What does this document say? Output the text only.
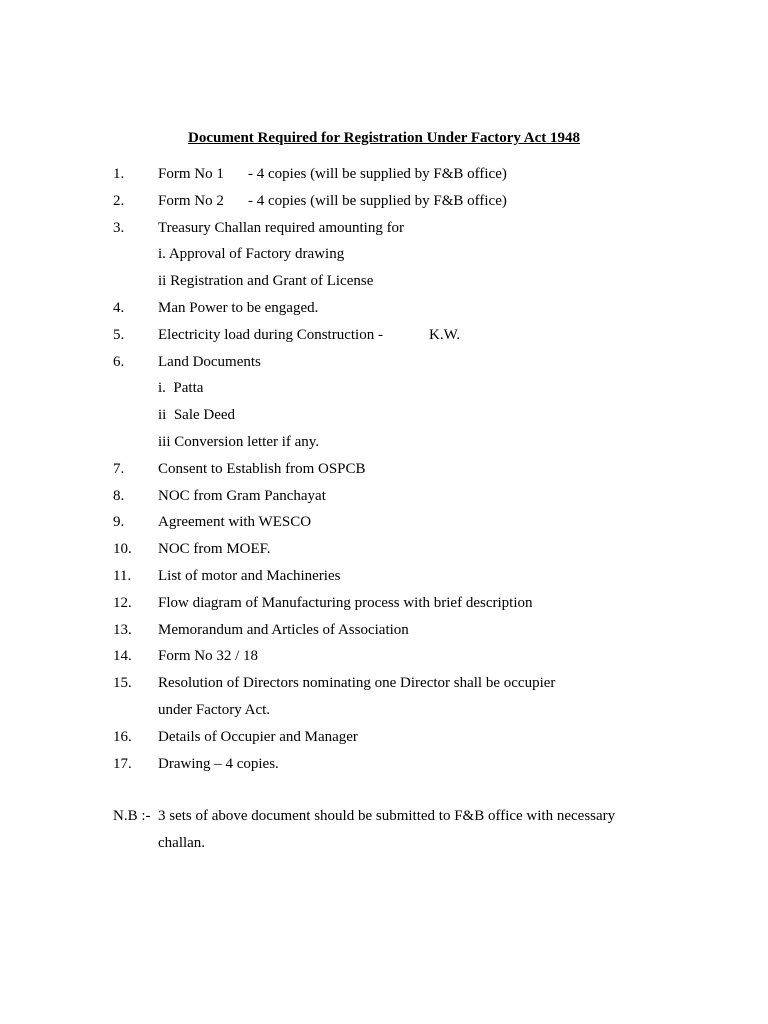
Document Required for Registration Under Factory Act 1948
1. Form No 1 - 4 copies (will be supplied by F&B office)
2. Form No 2 - 4 copies (will be supplied by F&B office)
3. Treasury Challan required amounting for
i. Approval of Factory drawing
ii Registration and Grant of License
4. Man Power to be engaged.
5. Electricity load during Construction -	K.W.
6. Land Documents
i.  Patta
ii  Sale Deed
iii Conversion letter if any.
7. Consent to Establish from OSPCB
8. NOC from Gram Panchayat
9. Agreement with WESCO
10. NOC from MOEF.
11. List of motor and Machineries
12. Flow diagram of Manufacturing process with brief description
13. Memorandum and Articles of Association
14. Form No 32 / 18
15. Resolution of Directors nominating one Director shall be occupier
under Factory Act.
16. Details of Occupier and Manager
17. Drawing – 4 copies.
N.B :- 3 sets of above document should be submitted to F&B office with necessary
challan.
